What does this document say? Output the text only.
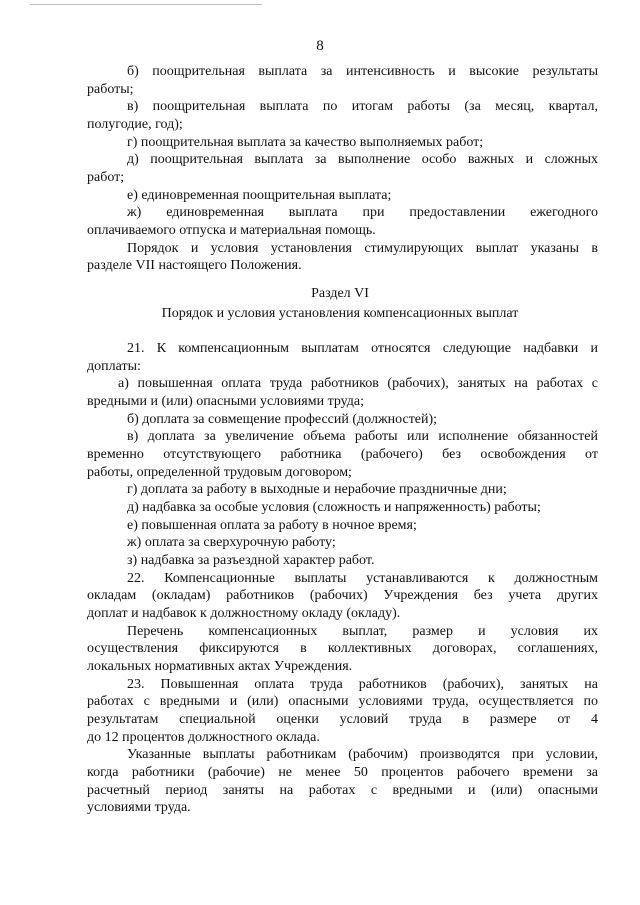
8
б) поощрительная выплата за интенсивность и высокие результаты
работы;
в) поощрительная выплата по итогам работы (за месяц, квартал,
полугодие, год);
г) поощрительная выплата за качество выполняемых работ;
д) поощрительная выплата за выполнение особо важных и сложных
работ;
е) единовременная поощрительная выплата;
ж) единовременная выплата при предоставлении ежегодного
оплачиваемого отпуска и материальная помощь.
Порядок и условия установления стимулирующих выплат указаны в
разделе VII настоящего Положения.
Раздел VI
Порядок и условия установления компенсационных выплат
21. К компенсационным выплатам относятся следующие надбавки и
доплаты:
а) повышенная оплата труда работников (рабочих), занятых на работах с
вредными и (или) опасными условиями труда;
б) доплата за совмещение профессий (должностей);
в) доплата за увеличение объема работы или исполнение обязанностей
временно отсутствующего работника (рабочего) без освобождения от
работы, определенной трудовым договором;
г) доплата за работу в выходные и нерабочие праздничные дни;
д) надбавка за особые условия (сложность и напряженность) работы;
е) повышенная оплата за работу в ночное время;
ж) оплата за сверхурочную работу;
з) надбавка за разъездной характер работ.
22. Компенсационные выплаты устанавливаются к должностным
окладам (окладам) работников (рабочих) Учреждения без учета других
доплат и надбавок к должностному окладу (окладу).
Перечень компенсационных выплат, размер и условия их
осуществления фиксируются в коллективных договорах, соглашениях,
локальных нормативных актах Учреждения.
23. Повышенная оплата труда работников (рабочих), занятых на
работах с вредными и (или) опасными условиями труда, осуществляется по
результатам специальной оценки условий труда в размере от 4
до 12 процентов должностного оклада.
Указанные выплаты работникам (рабочим) производятся при условии,
когда работники (рабочие) не менее 50 процентов рабочего времени за
расчетный период заняты на работах с вредными и (или) опасными
условиями труда.
